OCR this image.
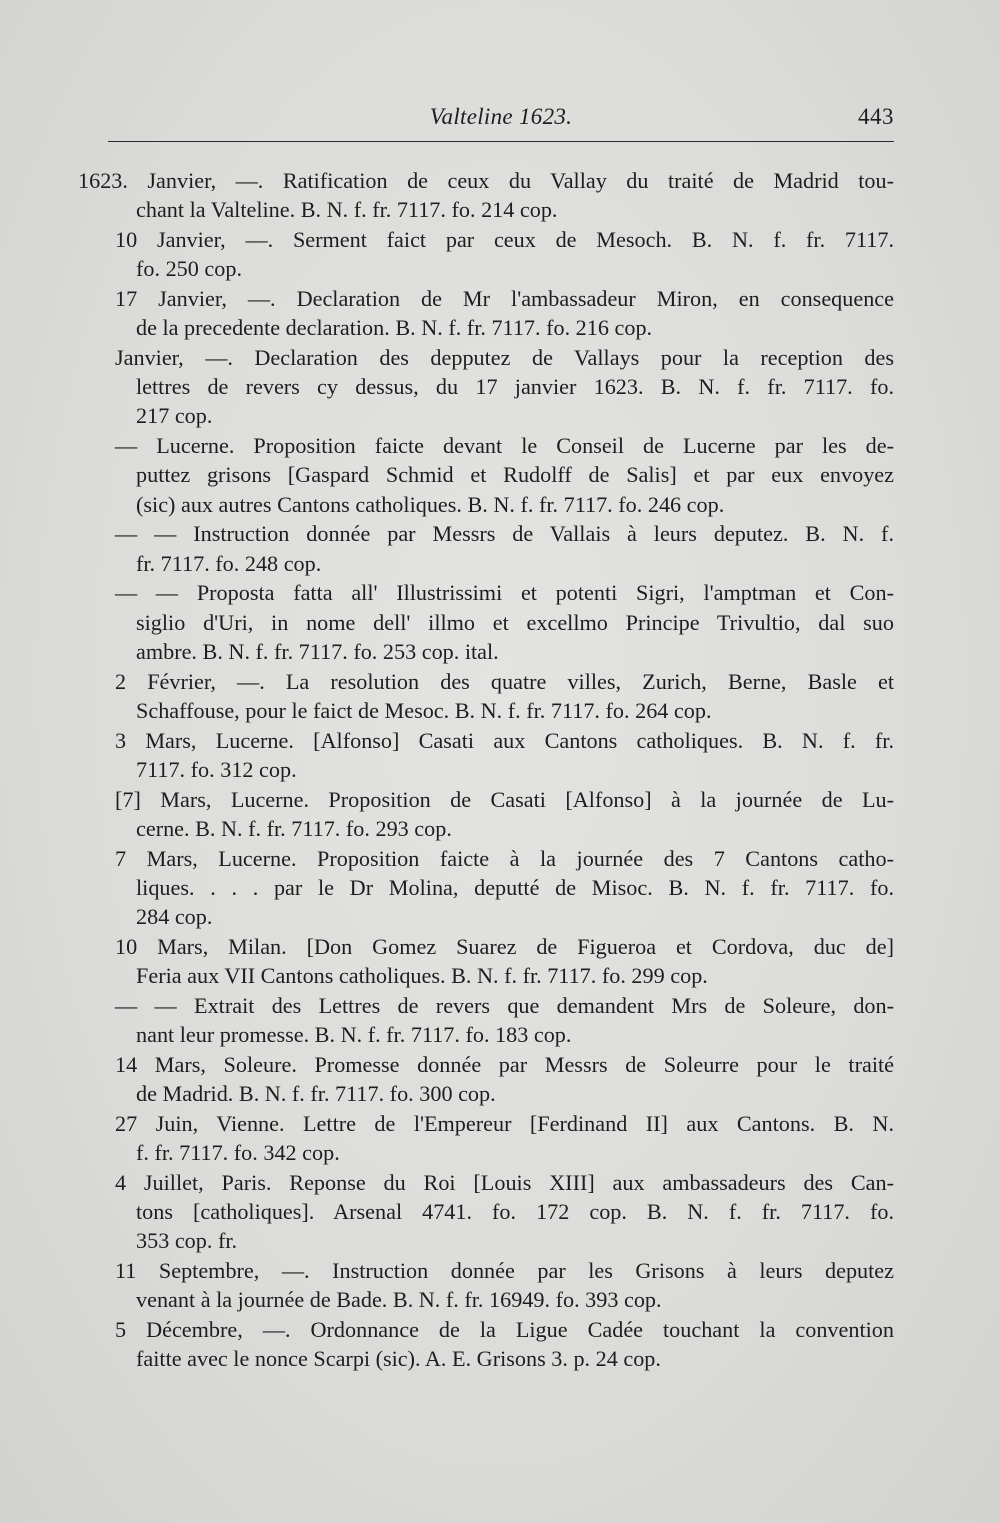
Valteline 1623.	443
1623. Janvier, —. Ratification de ceux du Vallay du traité de Madrid tou-
chant la Valteline. B. N. f. fr. 7117. fo. 214 cop.
10 Janvier, —. Serment faict par ceux de Mesoch. B. N. f. fr. 7117.
fo. 250 cop.
17 Janvier, —. Declaration de Mr l'ambassadeur Miron, en consequence
de la precedente declaration. B. N. f. fr. 7117. fo. 216 cop.
Janvier, —. Declaration des depputez de Vallays pour la reception des
lettres de revers cy dessus, du 17 janvier 1623. B. N. f. fr. 7117. fo.
217 cop.
— Lucerne. Proposition faicte devant le Conseil de Lucerne par les de-
puttez grisons [Gaspard Schmid et Rudolff de Salis] et par eux envoyez
(sic) aux autres Cantons catholiques. B. N. f. fr. 7117. fo. 246 cop.
— — Instruction donnée par Messrs de Vallais à leurs deputez. B. N. f.
fr. 7117. fo. 248 cop.
— — Proposta fatta all' Illustrissimi et potenti Sigri, l'amptman et Con-
siglio d'Uri, in nome dell' illmo et excellmo Principe Trivultio, dal suo
ambre. B. N. f. fr. 7117. fo. 253 cop. ital.
2 Février, —. La resolution des quatre villes, Zurich, Berne, Basle et
Schaffouse, pour le faict de Mesoc. B. N. f. fr. 7117. fo. 264 cop.
3 Mars, Lucerne. [Alfonso] Casati aux Cantons catholiques. B. N. f. fr.
7117. fo. 312 cop.
[7] Mars, Lucerne. Proposition de Casati [Alfonso] à la journée de Lu-
cerne. B. N. f. fr. 7117. fo. 293 cop.
7 Mars, Lucerne. Proposition faicte à la journée des 7 Cantons catho-
liques. . . . par le Dr Molina, deputté de Misoc. B. N. f. fr. 7117. fo.
284 cop.
10 Mars, Milan. [Don Gomez Suarez de Figueroa et Cordova, duc de]
Feria aux VII Cantons catholiques. B. N. f. fr. 7117. fo. 299 cop.
— — Extrait des Lettres de revers que demandent Mrs de Soleure, don-
nant leur promesse. B. N. f. fr. 7117. fo. 183 cop.
14 Mars, Soleure. Promesse donnée par Messrs de Soleurre pour le traité
de Madrid. B. N. f. fr. 7117. fo. 300 cop.
27 Juin, Vienne. Lettre de l'Empereur [Ferdinand II] aux Cantons. B. N.
f. fr. 7117. fo. 342 cop.
4 Juillet, Paris. Reponse du Roi [Louis XIII] aux ambassadeurs des Can-
tons [catholiques]. Arsenal 4741. fo. 172 cop. B. N. f. fr. 7117. fo.
353 cop. fr.
11 Septembre, —. Instruction donnée par les Grisons à leurs deputez
venant à la journée de Bade. B. N. f. fr. 16949. fo. 393 cop.
5 Décembre, —. Ordonnance de la Ligue Cadée touchant la convention
faitte avec le nonce Scarpi (sic). A. E. Grisons 3. p. 24 cop.
